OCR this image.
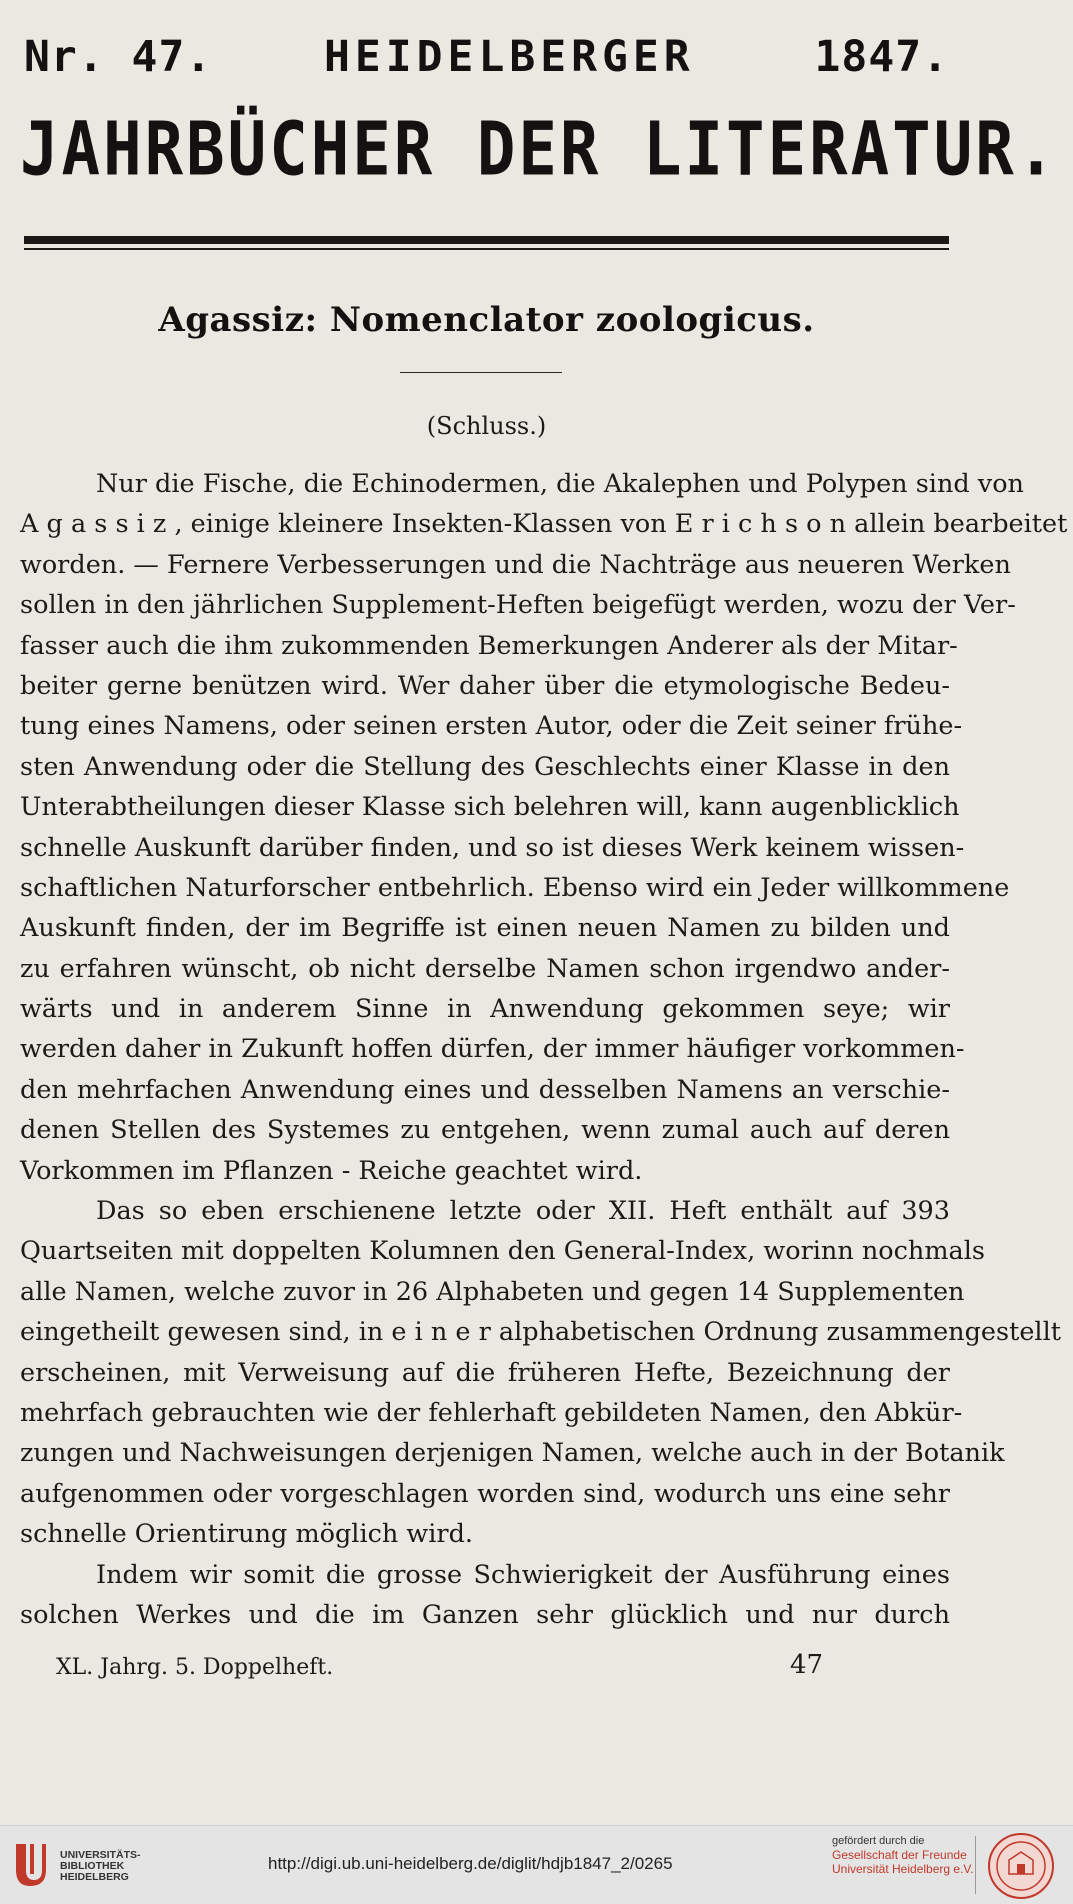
Nr. 47.	HEIDELBERGER	1847.
JAHRBÜCHER DER LITERATUR.
Agassiz: Nomenclator zoologicus.
(Schluss.)
Nur die Fische, die Echinodermen, die Akalephen und Polypen sind von
A g a s s i z , einige kleinere Insekten-Klassen von E r i c h s o n allein bearbeitet
worden. — Fernere Verbesserungen und die Nachträge aus neueren Werken
sollen in den jährlichen Supplement-Heften beigefügt werden, wozu der Ver-
fasser auch die ihm zukommenden Bemerkungen Anderer als der Mitar-
beiter gerne benützen wird. Wer daher über die etymologische Bedeu-
tung eines Namens, oder seinen ersten Autor, oder die Zeit seiner frühe-
sten Anwendung oder die Stellung des Geschlechts einer Klasse in den
Unterabtheilungen dieser Klasse sich belehren will, kann augenblicklich
schnelle Auskunft darüber finden, und so ist dieses Werk keinem wissen-
schaftlichen Naturforscher entbehrlich. Ebenso wird ein Jeder willkommene
Auskunft finden, der im Begriffe ist einen neuen Namen zu bilden und
zu erfahren wünscht, ob nicht derselbe Namen schon irgendwo ander-
wärts und in anderem Sinne in Anwendung gekommen seye; wir
werden daher in Zukunft hoffen dürfen, der immer häufiger vorkommen-
den mehrfachen Anwendung eines und desselben Namens an verschie-
denen Stellen des Systemes zu entgehen, wenn zumal auch auf deren
Vorkommen im Pflanzen - Reiche geachtet wird.
Das so eben erschienene letzte oder XII. Heft enthält auf 393
Quartseiten mit doppelten Kolumnen den General-Index, worinn nochmals
alle Namen, welche zuvor in 26 Alphabeten und gegen 14 Supplementen
eingetheilt gewesen sind, in e i n e r alphabetischen Ordnung zusammengestellt
erscheinen, mit Verweisung auf die früheren Hefte, Bezeichnung der
mehrfach gebrauchten wie der fehlerhaft gebildeten Namen, den Abkür-
zungen und Nachweisungen derjenigen Namen, welche auch in der Botanik
aufgenommen oder vorgeschlagen worden sind, wodurch uns eine sehr
schnelle Orientirung möglich wird.
Indem wir somit die grosse Schwierigkeit der Ausführung eines
solchen Werkes und die im Ganzen sehr glücklich und nur durch
XL. Jahrg. 5. Doppelheft.	47
UNIVERSITÄTS- BIBLIOTHEK HEIDELBERG
http://digi.ub.uni-heidelberg.de/diglit/hdjb1847_2/0265
gefördert durch die
Gesellschaft der Freunde Universität Heidelberg e.V.
